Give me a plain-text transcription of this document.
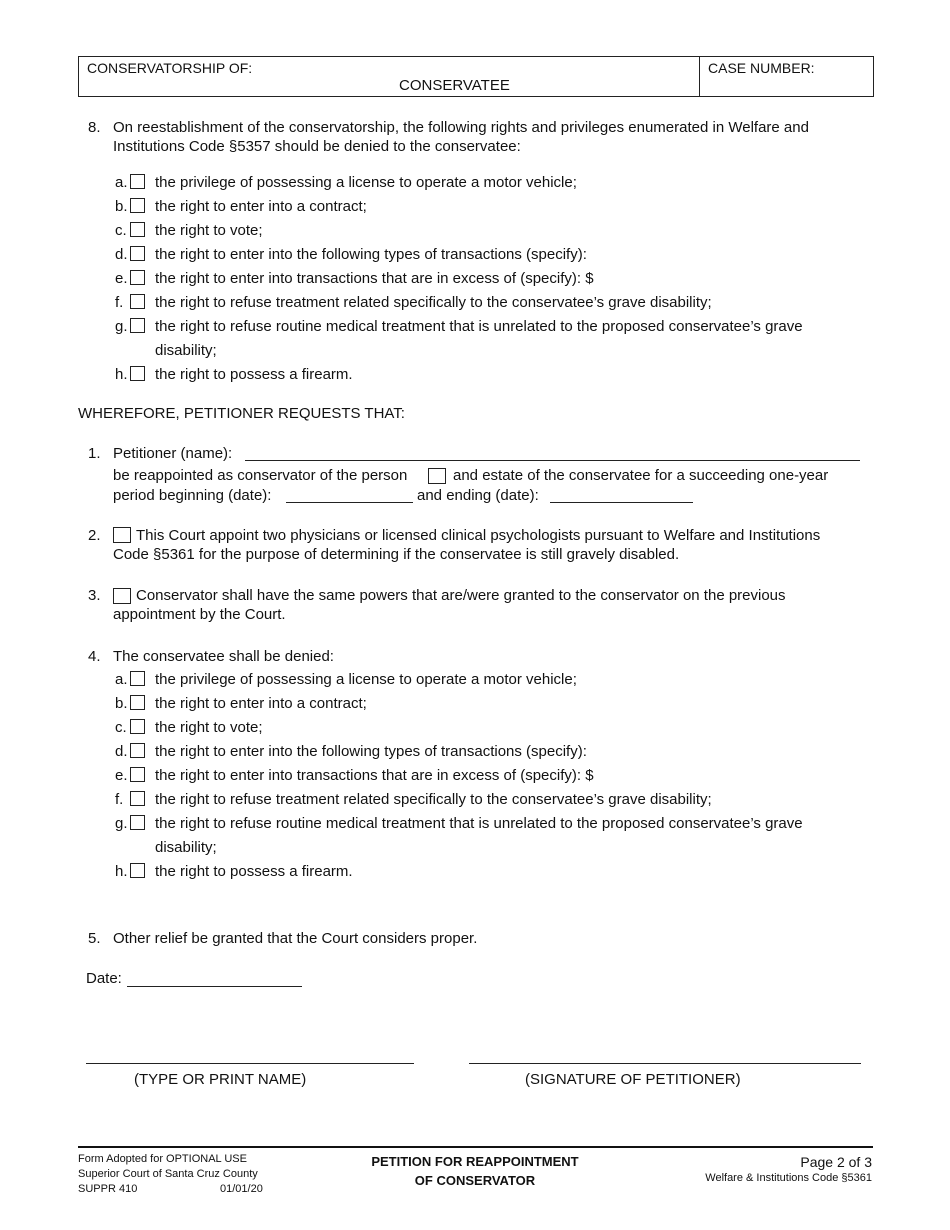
CONSERVATORSHIP OF:
CONSERVATEE
CASE NUMBER:
8. On reestablishment of the conservatorship, the following rights and privileges enumerated in Welfare and
Institutions Code §5357 should be denied to the conservatee:
a. the privilege of possessing a license to operate a motor vehicle;
b. the right to enter into a contract;
c. the right to vote;
d. the right to enter into the following types of transactions (specify):
e. the right to enter into transactions that are in excess of (specify): $
f. the right to refuse treatment related specifically to the conservatee’s grave disability;
g. the right to refuse routine medical treatment that is unrelated to the proposed conservatee’s grave
disability;
h. the right to possess a firearm.
WHEREFORE, PETITIONER REQUESTS THAT:
1. Petitioner (name):
be reappointed as conservator of the person	and estate of the conservatee for a succeeding one-year
period beginning (date):	and ending (date):
2. This Court appoint two physicians or licensed clinical psychologists pursuant to Welfare and Institutions
Code §5361 for the purpose of determining if the conservatee is still gravely disabled.
3. Conservator shall have the same powers that are/were granted to the conservator on the previous
appointment by the Court.
4. The conservatee shall be denied:
a. the privilege of possessing a license to operate a motor vehicle;
b. the right to enter into a contract;
c. the right to vote;
d. the right to enter into the following types of transactions (specify):
e. the right to enter into transactions that are in excess of (specify): $
f. the right to refuse treatment related specifically to the conservatee’s grave disability;
g. the right to refuse routine medical treatment that is unrelated to the proposed conservatee’s grave
disability;
h. the right to possess a firearm.
5. Other relief be granted that the Court considers proper.
Date:
(TYPE OR PRINT NAME)	(SIGNATURE OF PETITIONER)
Form Adopted for OPTIONAL USE
Superior Court of Santa Cruz County
SUPPR 410	01/01/20
PETITION FOR REAPPOINTMENT
OF CONSERVATOR
Page 2 of 3
Welfare & Institutions Code §5361
